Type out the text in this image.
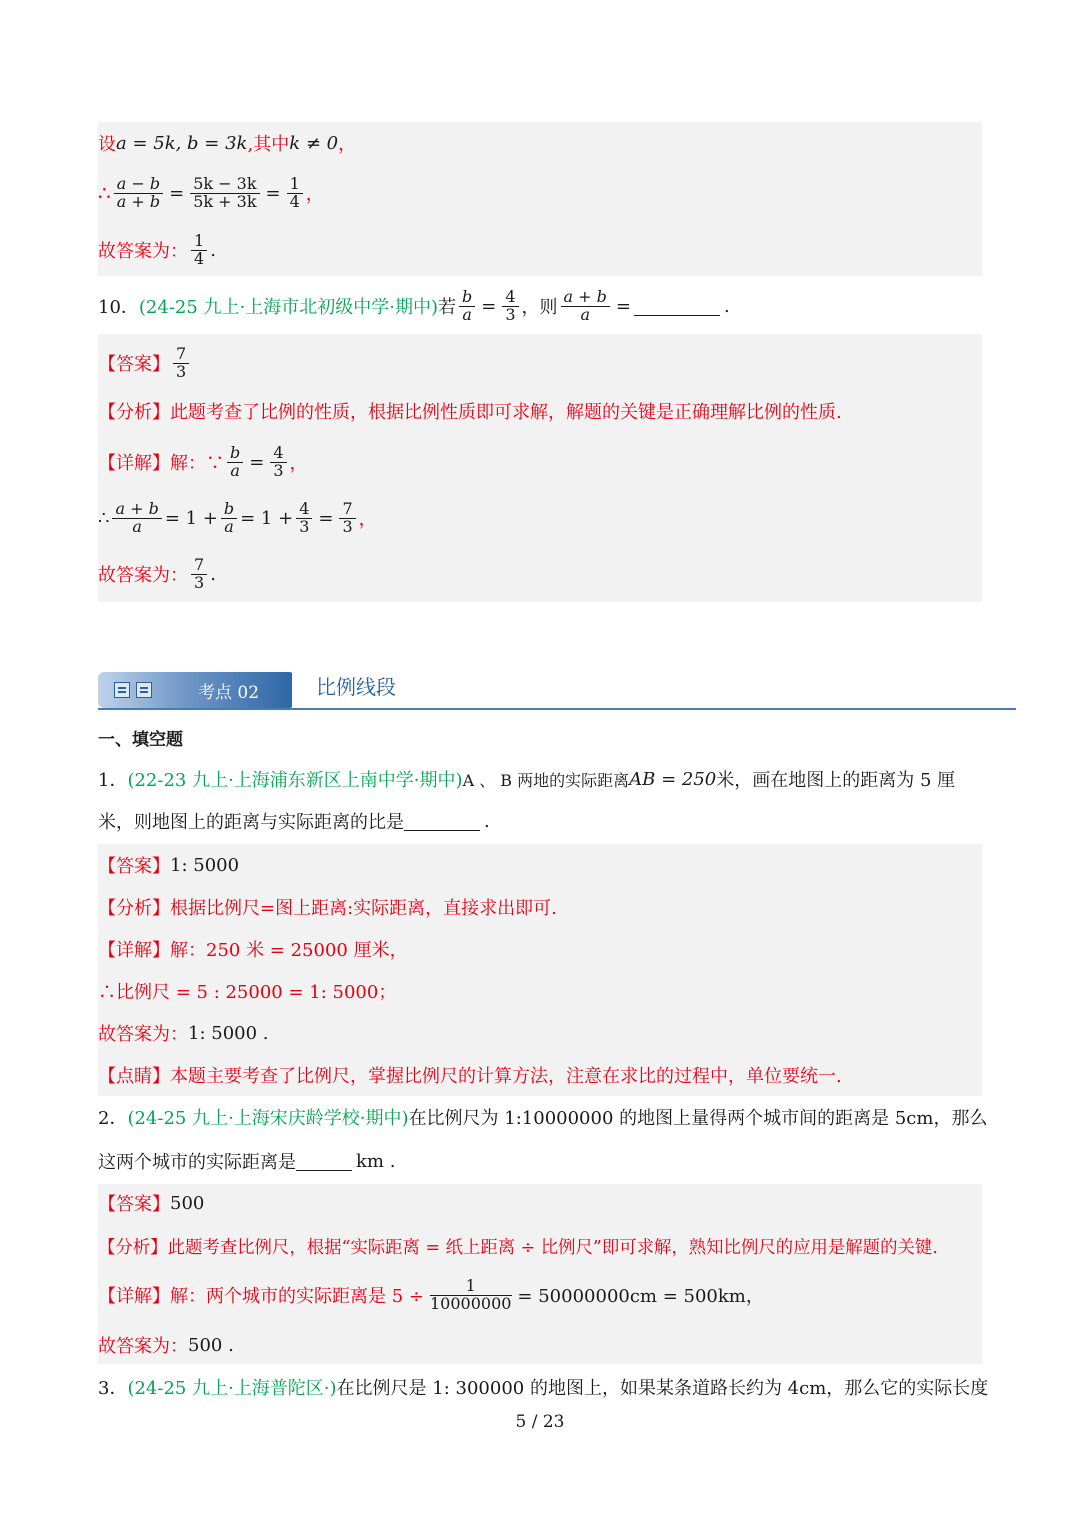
设 a = 5k, b = 3k ,其中 k ≠ 0 ，
∴ $\frac{a - b}{a + b} = \frac{5k - 3k}{5k + 3k} = \frac{1}{4}$ ，
故答案为： $\frac{1}{4}$ .
10． (24-25 九上·上海市北初级中学·期中) 若 $\frac{b}{a} = \frac{4}{3}$ ，则 $\frac{a + b}{a}$ =	.
【答案】 $\frac{7}{3}$
【分析】 此题考查了比例的性质，根据比例性质即可求解，解题的关键是正确理解比例的性质.
【详解】 解：∵ $\frac{b}{a} = \frac{4}{3}$ ，
∴ $\frac{a + b}{a} = 1 + \frac{b}{a} = 1 + \frac{4}{3} = \frac{7}{3}$ ，
故答案为： $\frac{7}{3}$ .
考点 02	比例线段
一、填空题
1． (22-23 九上·上海浦东新区上南中学·期中) A 、 B 两地的实际距离 AB = 250 米，画在地图上的距离为 5 厘
米，则地图上的距离与实际距离的比是	.
【答案】 1: 5000
【分析】 根据比例尺=图上距离:实际距离，直接求出即可.
【详解】 解：250 米 = 25000 厘米，
∴比例尺 = 5 : 25000 = 1: 5000；
故答案为： 1: 5000 .
【点睛】 本题主要考查了比例尺，掌握比例尺的计算方法，注意在求比的过程中，单位要统一.
2． (24-25 九上·上海宋庆龄学校·期中) 在比例尺为 1:10000000 的地图上量得两个城市间的距离是 5cm，那么
这两个城市的实际距离是	km .
【答案】 500
【分析】 此题考查比例尺，根据“实际距离 = 纸上距离 ÷ 比例尺”即可求解，熟知比例尺的应用是解题的关键.
【详解】 解：两个城市的实际距离是 $5 \div \frac{1}{10000000} = 50000000cm = 500km$，
故答案为： 500 .
3． (24-25 九上·上海普陀区·) 在比例尺是 1: 300000 的地图上，如果某条道路长约为 4cm，那么它的实际长度
5 / 23
